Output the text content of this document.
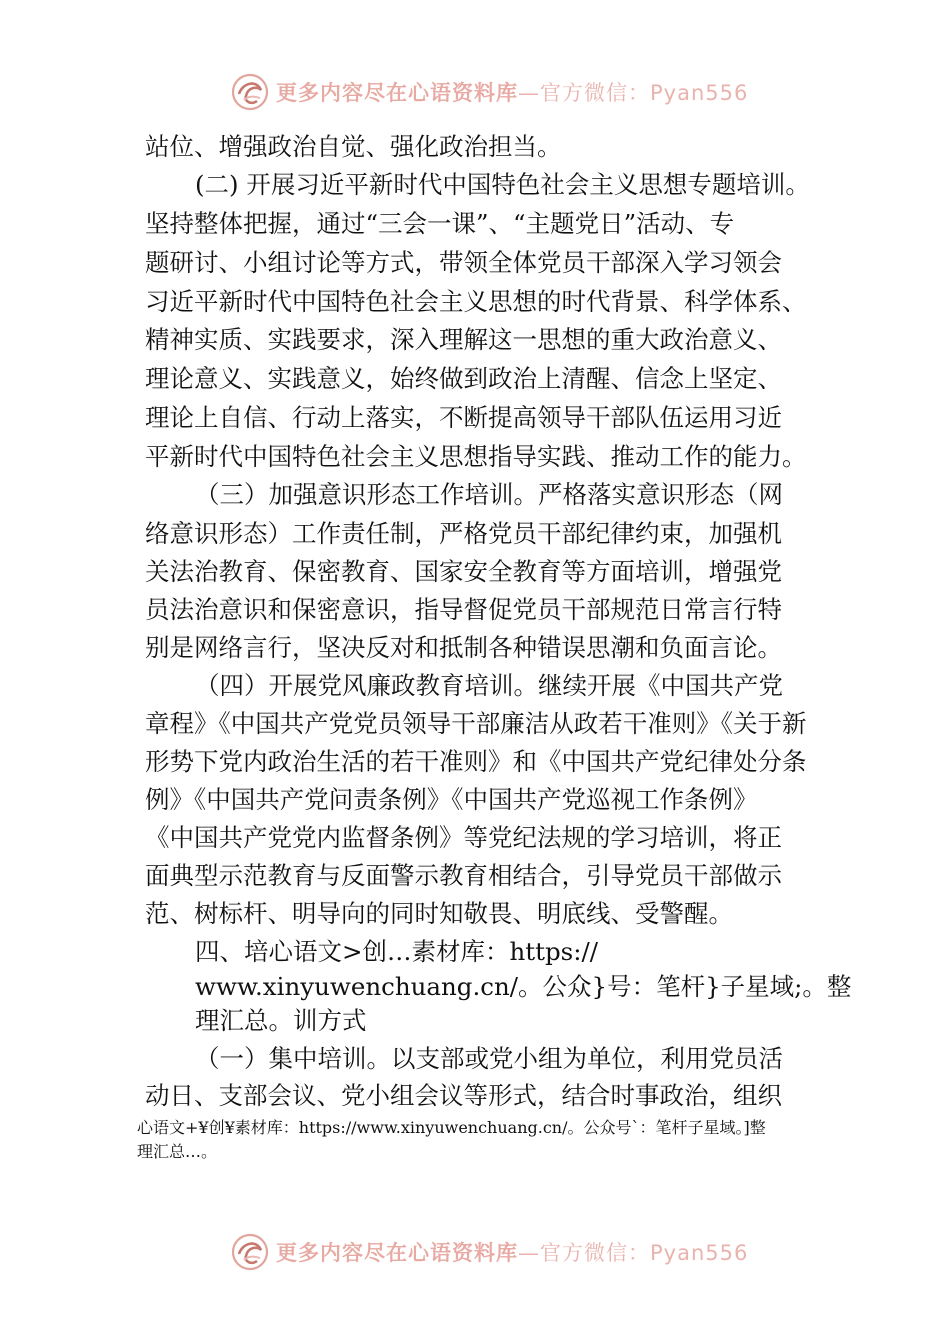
更多内容尽在心语资料库 —官方微信：Pyan556
站位、增强政治自觉、强化政治担当。
(二) 开展习近平新时代中国特色社会主义思想专题培训。
坚持整体把握，通过“三会一课”、“主题党日”活动、专
题研讨、小组讨论等方式，带领全体党员干部深入学习领会
习近平新时代中国特色社会主义思想的时代背景、科学体系、
精神实质、实践要求，深入理解这一思想的重大政治意义、
理论意义、实践意义，始终做到政治上清醒、信念上坚定、
理论上自信、行动上落实，不断提高领导干部队伍运用习近
平新时代中国特色社会主义思想指导实践、推动工作的能力。
（三）加强意识形态工作培训。严格落实意识形态（网
络意识形态）工作责任制，严格党员干部纪律约束，加强机
关法治教育、保密教育、国家安全教育等方面培训，增强党
员法治意识和保密意识，指导督促党员干部规范日常言行特
别是网络言行，坚决反对和抵制各种错误思潮和负面言论。
（四）开展党风廉政教育培训。继续开展《中国共产党
章程》《中国共产党党员领导干部廉洁从政若干准则》《关于新
形势下党内政治生活的若干准则》和《中国共产党纪律处分条
例》《中国共产党问责条例》《中国共产党巡视工作条例》
《中国共产党党内监督条例》等党纪法规的学习培训，将正
面典型示范教育与反面警示教育相结合，引导党员干部做示
范、树标杆、明导向的同时知敬畏、明底线、受警醒。
四、培心语文>创…素材库：https://
www.xinyuwenchuang.cn/。公众}号：笔杆}子星域;。整
理汇总。训方式
（一）集中培训。以支部或党小组为单位，利用党员活
动日、支部会议、党小组会议等形式，结合时事政治，组织
心语文+¥创¥素材库：https://www.xinyuwenchuang.cn/。公众号`：笔杆子星域。]整
理汇总…。
更多内容尽在心语资料库 —官方微信：Pyan556
